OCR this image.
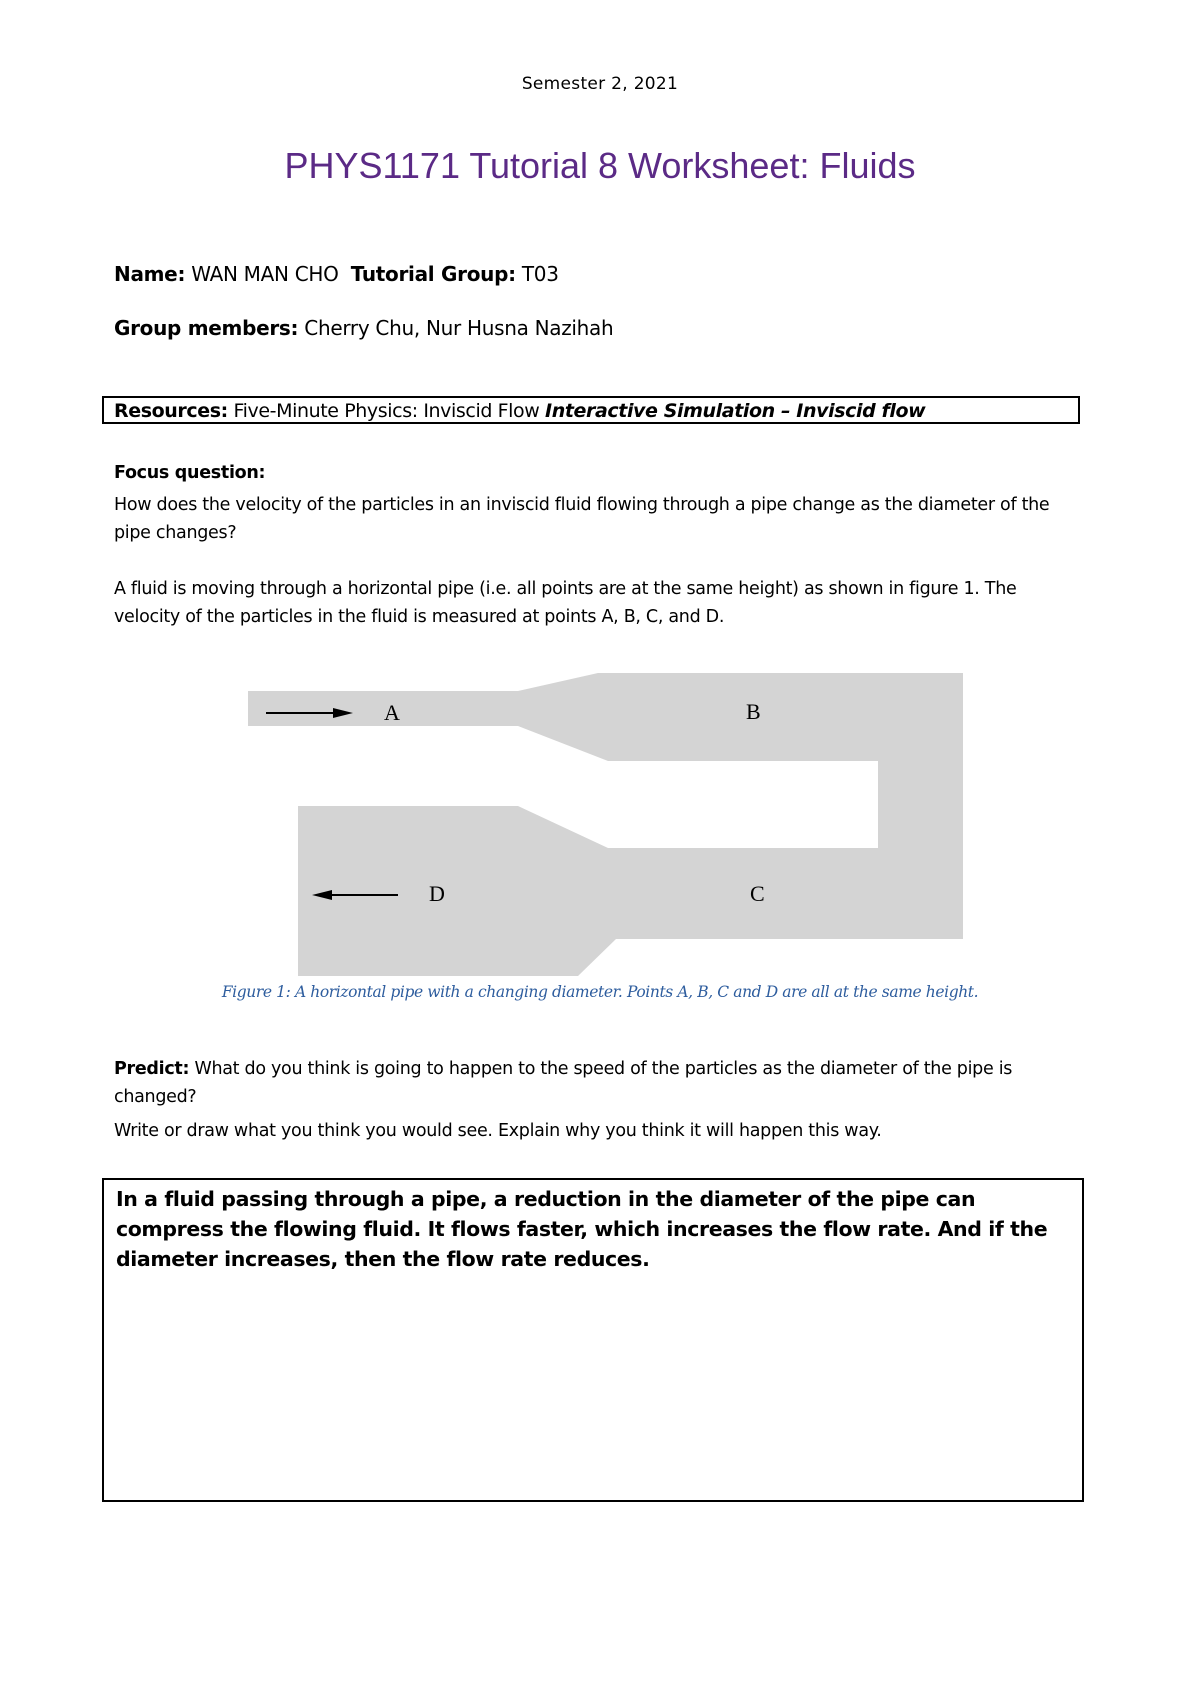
Semester 2, 2021
PHYS1171 Tutorial 8 Worksheet: Fluids
Name: WAN MAN CHO  Tutorial Group: T03
Group members: Cherry Chu, Nur Husna Nazihah
Resources: Five-Minute Physics: Inviscid Flow Interactive Simulation – Inviscid flow
Focus question:
How does the velocity of the particles in an inviscid fluid flowing through a pipe change as the diameter of the pipe changes?
A fluid is moving through a horizontal pipe (i.e. all points are at the same height) as shown in figure 1. The velocity of the particles in the fluid is measured at points A, B, C, and D.
A	B
C
D
Figure 1: A horizontal pipe with a changing diameter. Points A, B, C and D are all at the same height.
Predict: What do you think is going to happen to the speed of the particles as the diameter of the pipe is changed?
Write or draw what you think you would see. Explain why you think it will happen this way.
In a fluid passing through a pipe, a reduction in the diameter of the pipe can compress the flowing fluid. It flows faster, which increases the flow rate. And if the diameter increases, then the flow rate reduces.
